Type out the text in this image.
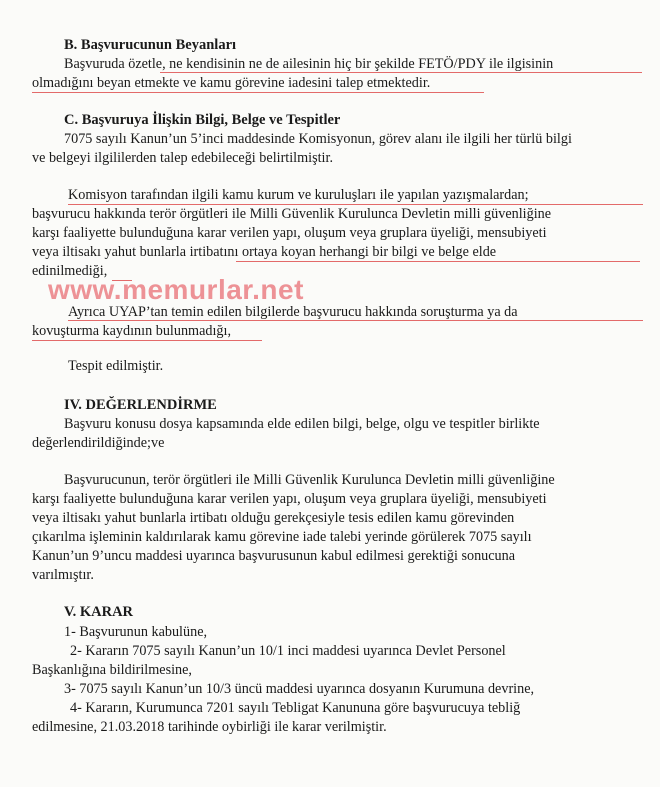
B. Başvurucunun Beyanları
Başvuruda özetle, ne kendisinin ne de ailesinin hiç bir şekilde FETÖ/PDY ile ilgisinin
olmadığını beyan etmekte ve kamu görevine iadesini talep etmektedir.
C. Başvuruya İlişkin Bilgi, Belge ve Tespitler
7075 sayılı Kanun’un 5’inci maddesinde Komisyonun, görev alanı ile ilgili her türlü bilgi
ve belgeyi ilgililerden talep edebileceği belirtilmiştir.
Komisyon tarafından ilgili kamu kurum ve kuruluşları ile yapılan yazışmalardan;
başvurucu hakkında terör örgütleri ile Milli Güvenlik Kurulunca Devletin milli güvenliğine
karşı faaliyette bulunduğuna karar verilen yapı, oluşum veya gruplara üyeliği, mensubiyeti
veya iltisakı yahut bunlarla irtibatını ortaya koyan herhangi bir bilgi ve belge elde
edinilmediği,
Ayrıca UYAP’tan temin edilen bilgilerde başvurucu hakkında soruşturma ya da
kovuşturma kaydının bulunmadığı,
Tespit edilmiştir.
IV. DEĞERLENDİRME
Başvuru konusu dosya kapsamında elde edilen bilgi, belge, olgu ve tespitler birlikte
değerlendirildiğinde;ve
Başvurucunun, terör örgütleri ile Milli Güvenlik Kurulunca Devletin milli güvenliğine
karşı faaliyette bulunduğuna karar verilen yapı, oluşum veya gruplara üyeliği, mensubiyeti
veya iltisakı yahut bunlarla irtibatı olduğu gerekçesiyle tesis edilen kamu görevinden
çıkarılma işleminin kaldırılarak kamu görevine iade talebi yerinde görülerek 7075 sayılı
Kanun’un 9’uncu maddesi uyarınca başvurusunun kabul edilmesi gerektiği sonucuna
varılmıştır.
V. KARAR
1- Başvurunun kabulüne,
2- Kararın 7075 sayılı Kanun’un 10/1 inci maddesi uyarınca Devlet Personel
Başkanlığına bildirilmesine,
3- 7075 sayılı Kanun’un 10/3 üncü maddesi uyarınca dosyanın Kurumuna devrine,
4- Kararın, Kurumunca 7201 sayılı Tebligat Kanununa göre başvurucuya tebliğ
edilmesine, 21.03.2018 tarihinde oybirliği ile karar verilmiştir.
www.memurlar.net
